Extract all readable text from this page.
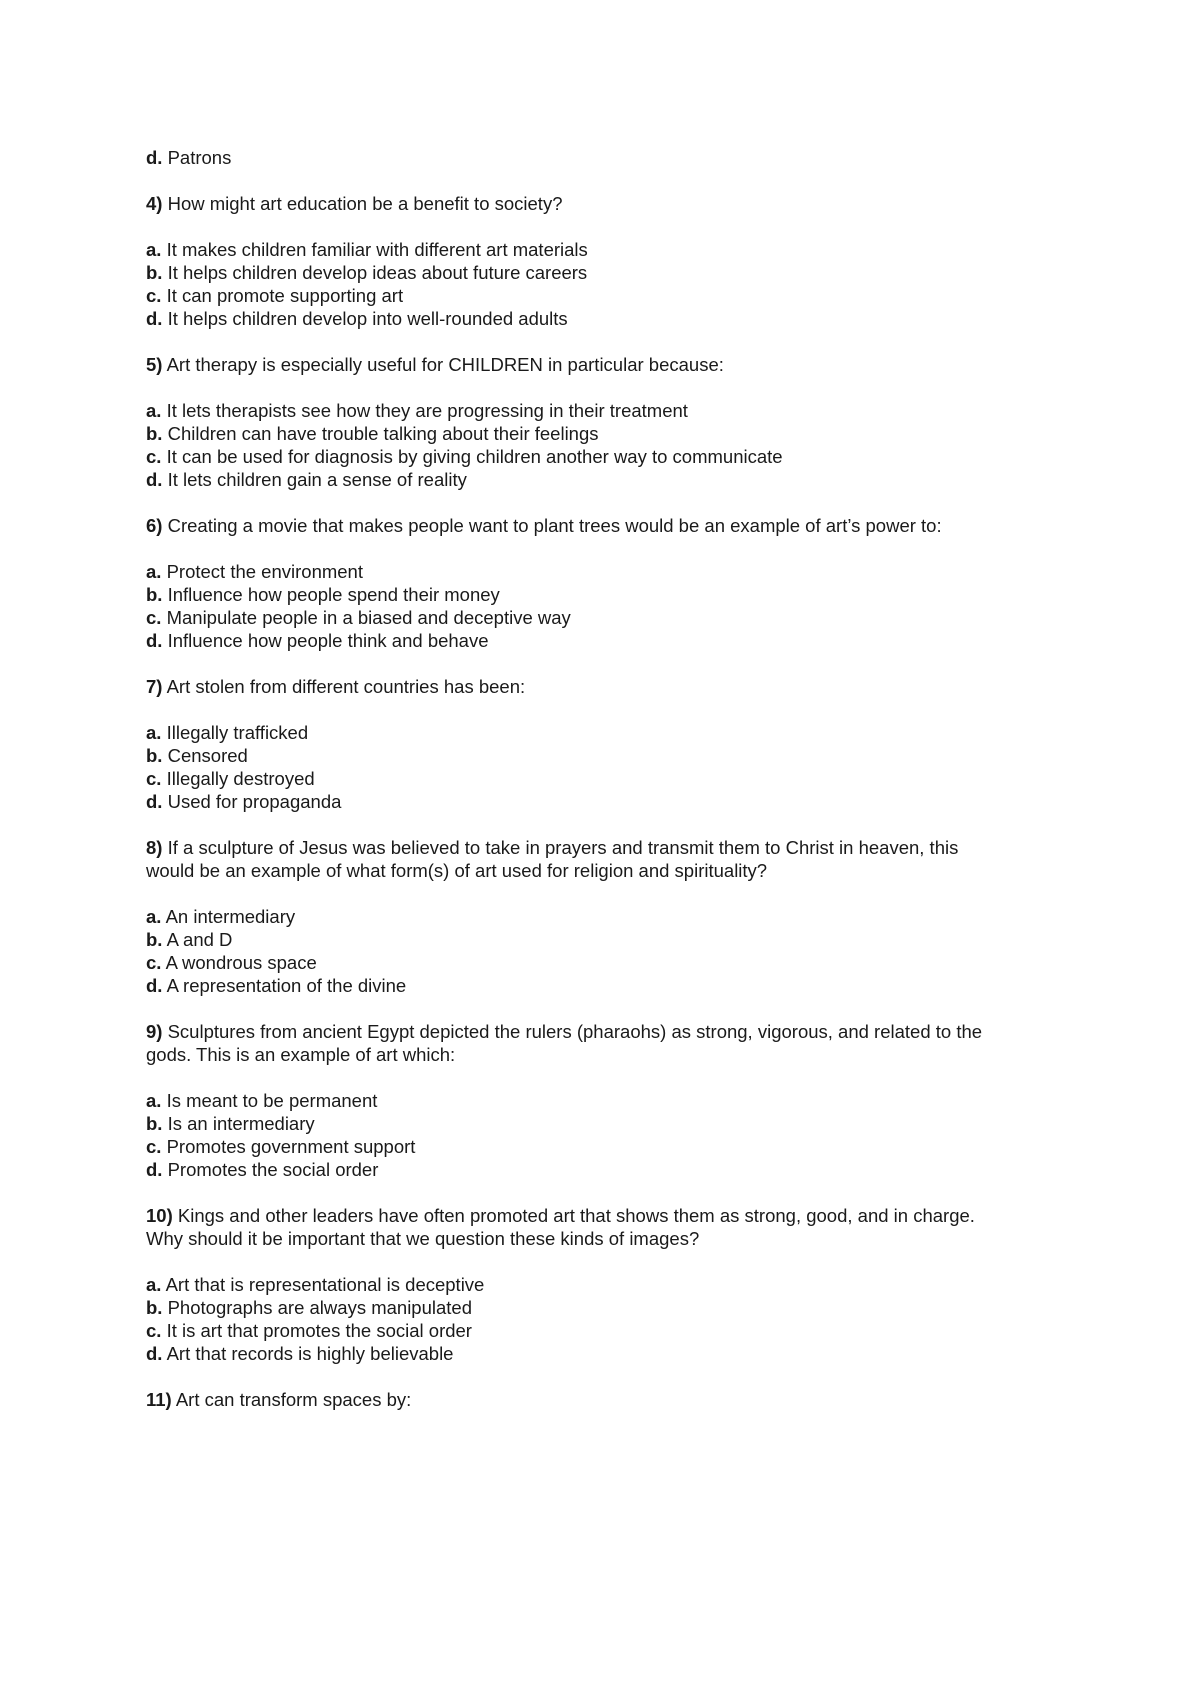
d. Patrons
4) How might art education be a benefit to society?
a. It makes children familiar with different art materials
b. It helps children develop ideas about future careers
c. It can promote supporting art
d. It helps children develop into well-rounded adults
5) Art therapy is especially useful for CHILDREN in particular because:
a. It lets therapists see how they are progressing in their treatment
b. Children can have trouble talking about their feelings
c. It can be used for diagnosis by giving children another way to communicate
d. It lets children gain a sense of reality
6) Creating a movie that makes people want to plant trees would be an example of art’s power to:
a. Protect the environment
b. Influence how people spend their money
c. Manipulate people in a biased and deceptive way
d. Influence how people think and behave
7) Art stolen from different countries has been:
a. Illegally trafficked
b. Censored
c. Illegally destroyed
d. Used for propaganda
8) If a sculpture of Jesus was believed to take in prayers and transmit them to Christ in heaven, this
would be an example of what form(s) of art used for religion and spirituality?
a. An intermediary
b. A and D
c. A wondrous space
d. A representation of the divine
9) Sculptures from ancient Egypt depicted the rulers (pharaohs) as strong, vigorous, and related to the
gods. This is an example of art which:
a. Is meant to be permanent
b. Is an intermediary
c. Promotes government support
d. Promotes the social order
10) Kings and other leaders have often promoted art that shows them as strong, good, and in charge.
Why should it be important that we question these kinds of images?
a. Art that is representational is deceptive
b. Photographs are always manipulated
c. It is art that promotes the social order
d. Art that records is highly believable
11) Art can transform spaces by:
